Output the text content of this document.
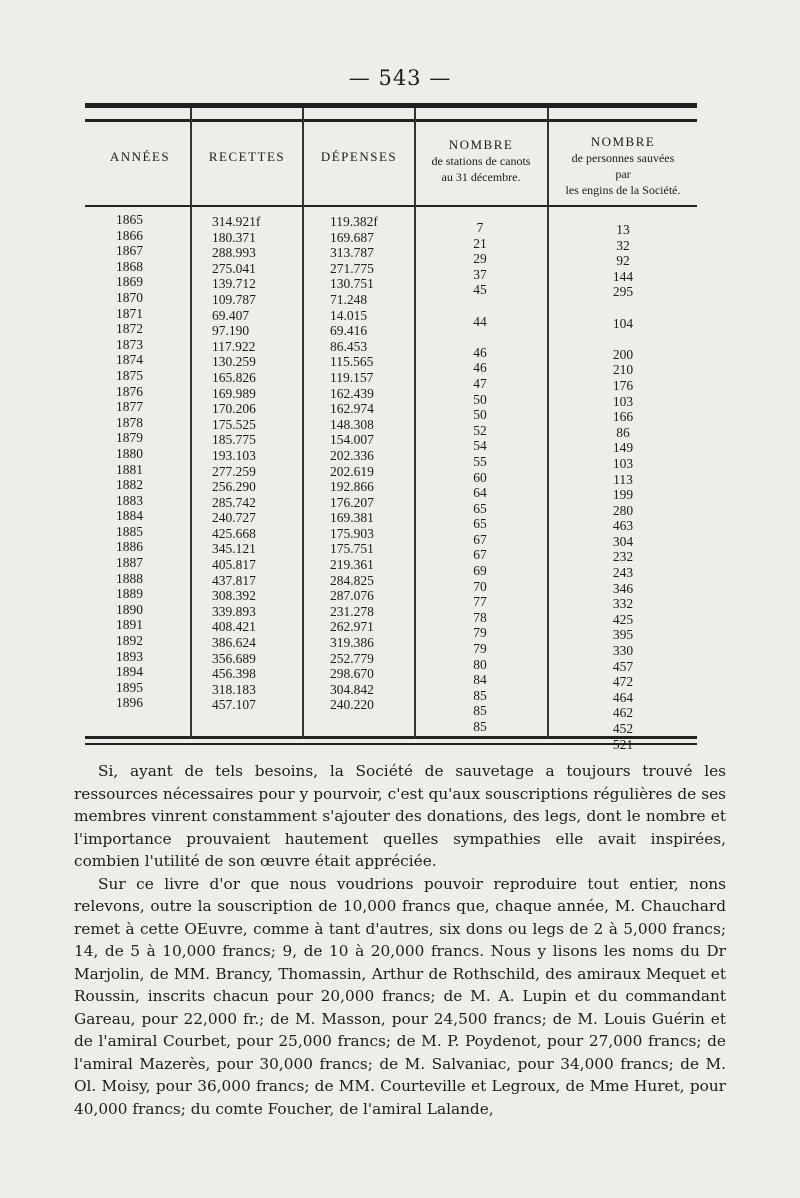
— 543 —
ANNÉES	RECETTES	DÉPENSES
NOMBRE
de stations de canots
au 31 décembre.
NOMBRE
de personnes sauvées
par
les engins de la Société.
1865
1866
1867
1868
1869
1870
1871
1872
1873
1874
1875
1876
1877
1878
1879
1880
1881
1882
1883
1884
1885
1886
1887
1888
1889
1890
1891
1892
1893
1894
1895
1896
314.921f
180.371
288.993
275.041
139.712
109.787
69.407
97.190
117.922
130.259
165.826
169.989
170.206
175.525
185.775
193.103
277.259
256.290
285.742
240.727
425.668
345.121
405.817
437.817
308.392
339.893
408.421
386.624
356.689
456.398
318.183
457.107
119.382f
169.687
313.787
271.775
130.751
71.248
14.015
69.416
86.453
115.565
119.157
162.439
162.974
148.308
154.007
202.336
202.619
192.866
176.207
169.381
175.903
175.751
219.361
284.825
287.076
231.278
262.971
319.386
252.779
298.670
304.842
240.220
7
21
29
37
45
44
46
46
47
50
50
52
54
55
60
64
65
65
67
67
69
70
77
78
79
79
80
84
85
85
85
13
32
92
144
295
104
200
210
176
103
166
86
149
103
113
199
280
463
304
232
243
346
332
425
395
330
457
472
464
462
452
521

Si, ayant de tels besoins, la Société de sauvetage a toujours trouvé les ressources nécessaires pour y pourvoir, c'est qu'aux souscriptions régulières de ses membres vinrent constamment s'ajouter des donations, des legs, dont le nombre et l'importance prouvaient hautement quelles sympathies elle avait inspirées, combien l'utilité de son œuvre était appréciée.

Sur ce livre d'or que nous voudrions pouvoir reproduire tout entier, nons relevons, outre la souscription de 10,000 francs que, chaque année, M. Chauchard remet à cette OEuvre, comme à tant d'autres, six dons ou legs de 2 à 5,000 francs; 14, de 5 à 10,000 francs; 9, de 10 à 20,000 francs. Nous y lisons les noms du Dr Marjolin, de MM. Brancy, Thomassin, Arthur de Rothschild, des amiraux Mequet et Roussin, inscrits chacun pour 20,000 francs; de M. A. Lupin et du commandant Gareau, pour 22,000 fr.; de M. Masson, pour 24,500 francs; de M. Louis Guérin et de l'amiral Courbet, pour 25,000 francs; de M. P. Poydenot, pour 27,000 francs; de l'amiral Mazerès, pour 30,000 francs; de M. Salvaniac, pour 34,000 francs; de M. Ol. Moisy, pour 36,000 francs; de MM. Courteville et Legroux, de Mme Huret, pour 40,000 francs; du comte Foucher, de l'amiral Lalande,
